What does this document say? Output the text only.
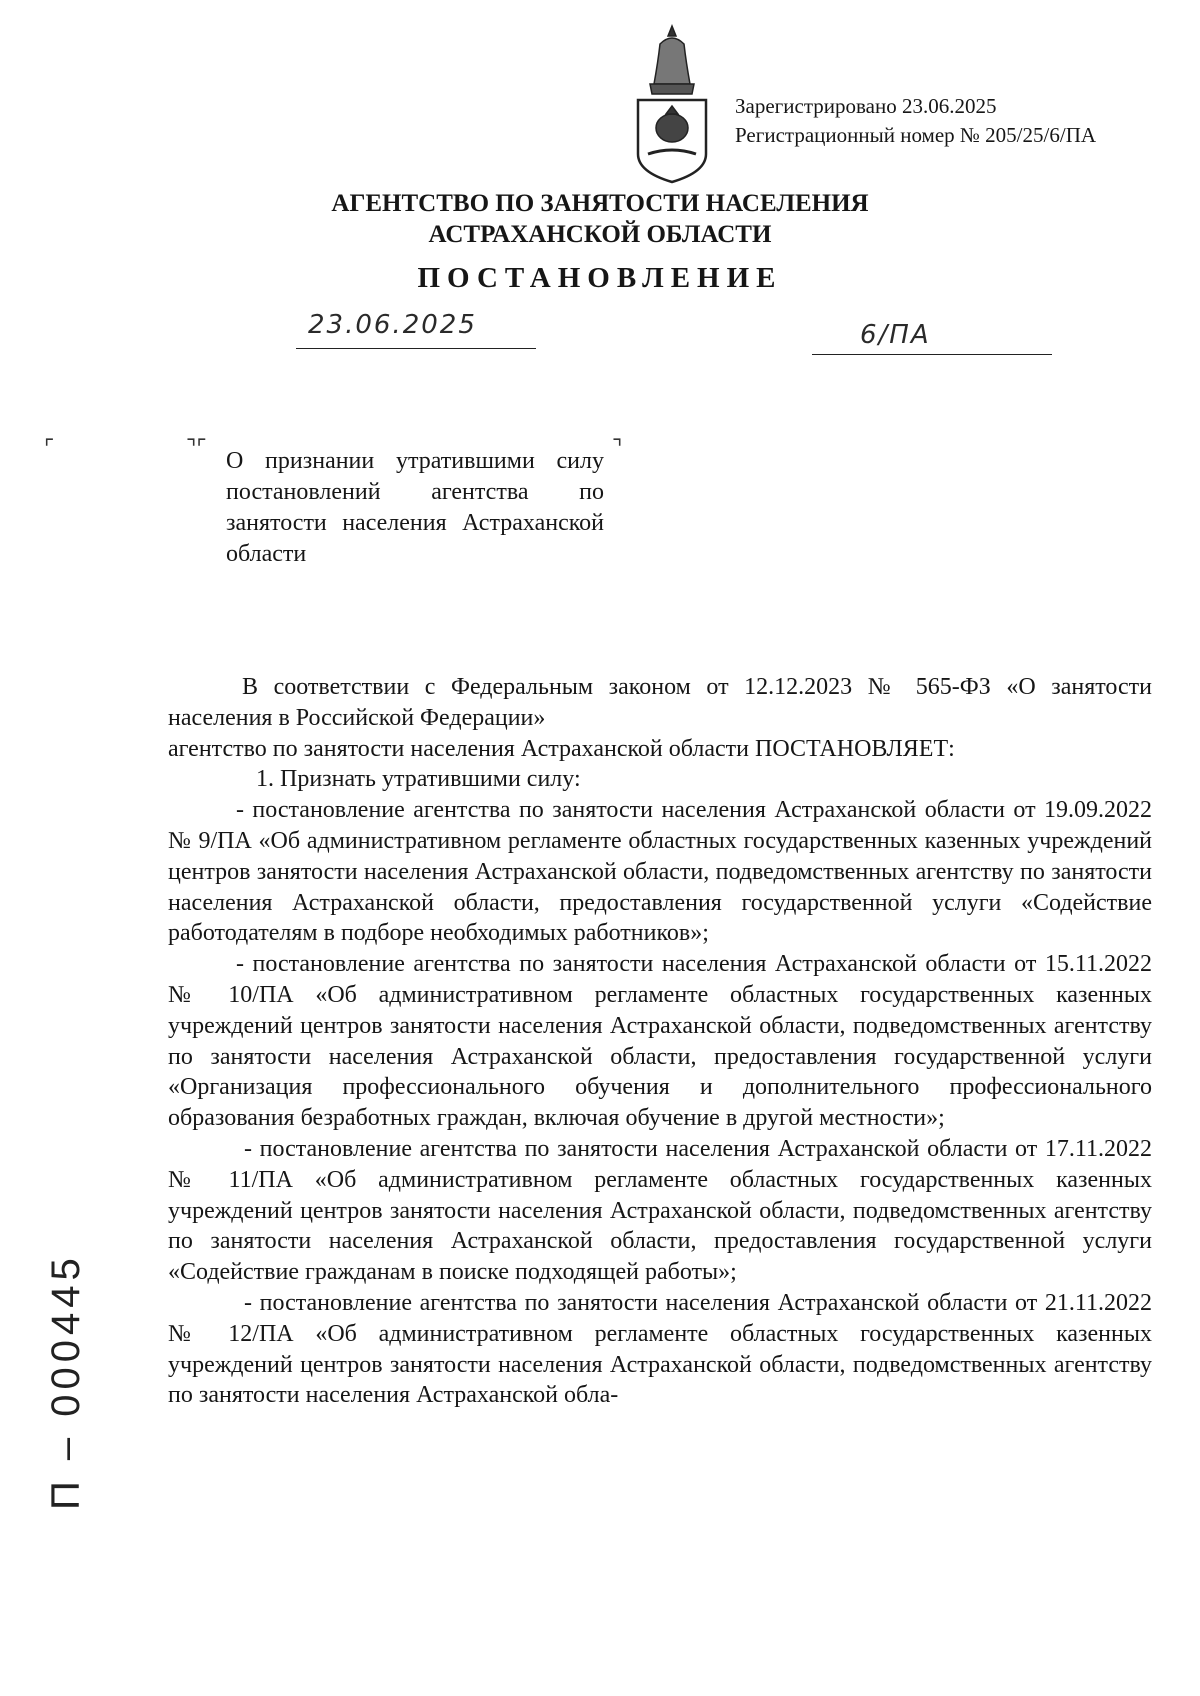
Зарегистрировано 23.06.2025
Регистрационный номер № 205/25/6/ПА
АГЕНТСТВО ПО ЗАНЯТОСТИ НАСЕЛЕНИЯ
АСТРАХАНСКОЙ ОБЛАСТИ
ПОСТАНОВЛЕНИЕ
23.06.2025	6/ПА
⌜	⌝⌜	⌝
О признании утратившими силу постановлений агентства по занятости населения Астраханской области

В соответствии с Федеральным законом от 12.12.2023 № 565-ФЗ «О занятости населения в Российской Федерации»

агентство по занятости населения Астраханской области ПОСТАНОВЛЯЕТ:

1. Признать утратившими силу:

- постановление агентства по занятости населения Астраханской области от 19.09.2022 № 9/ПА «Об административном регламенте областных государственных казенных учреждений центров занятости населения Астраханской области, подведомственных агентству по занятости населения Астраханской области, предоставления государственной услуги «Содействие работодателям в подборе необходимых работников»;

- постановление агентства по занятости населения Астраханской области от 15.11.2022 № 10/ПА «Об административном регламенте областных государственных казенных учреждений центров занятости населения Астраханской области, подведомственных агентству по занятости населения Астраханской области, предоставления государственной услуги «Организация профессионального обучения и дополнительного профессионального образования безработных граждан, включая обучение в другой местности»;

- постановление агентства по занятости населения Астраханской области от 17.11.2022 № 11/ПА «Об административном регламенте областных государственных казенных учреждений центров занятости населения Астраханской области, подведомственных агентству по занятости населения Астраханской области, предоставления государственной услуги «Содействие гражданам в поиске подходящей работы»;

- постановление агентства по занятости населения Астраханской области от 21.11.2022 № 12/ПА «Об административном регламенте областных государственных казенных учреждений центров занятости населения Астраханской области, подведомственных агентству по занятости населения Астраханской обла-

П – 000445
